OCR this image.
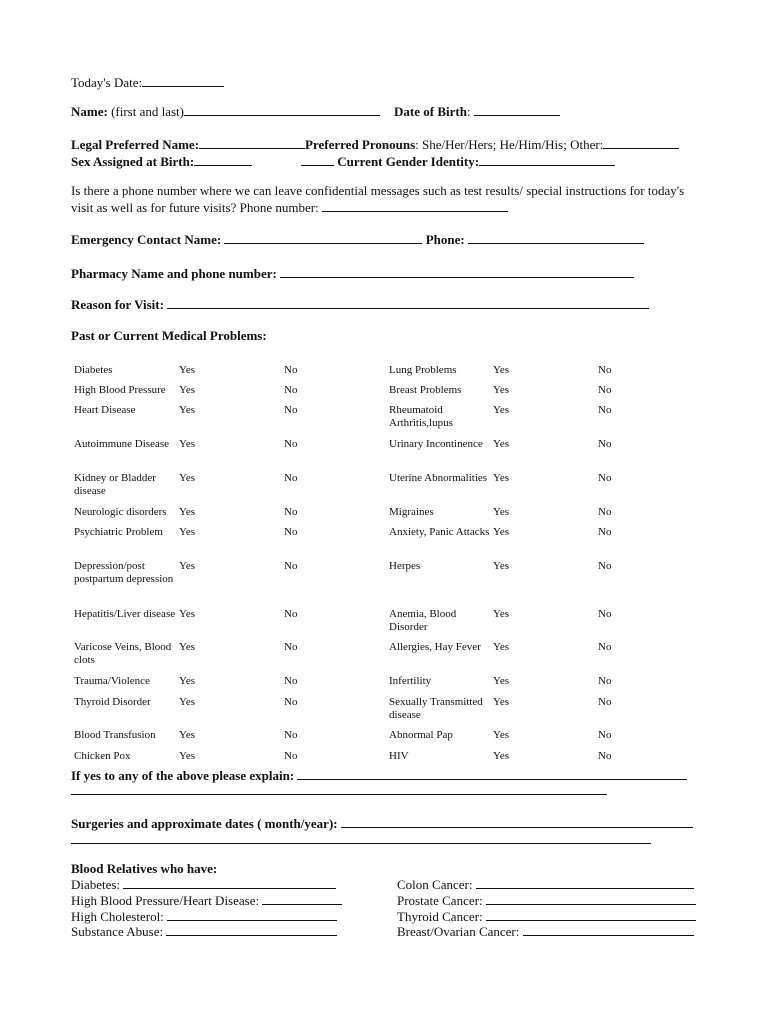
Today's Date:
Name: (first and last)	Date of Birth:
Legal Preferred Name:	Preferred Pronouns: She/Her/Hers; He/Him/His; Other:
Sex Assigned at Birth:	Current Gender Identity:
Is there a phone number where we can leave confidential messages such as test results/ special instructions for today's
visit as well as for future visits? Phone number:
Emergency Contact Name:	Phone:
Pharmacy Name and phone number:
Reason for Visit:
Past or Current Medical Problems:
Diabetes	Yes	No
High Blood Pressure	Yes	No
Heart Disease	Yes	No
Autoimmune Disease Yes	No
Kidney or Bladder disease
Yes	No
Neurologic disorders	Yes	No
Psychiatric Problem	Yes	No
Depression/post postpartum depression
Yes	No
Hepatitis/Liver disease Yes	No
Varicose Veins, Blood clots
Yes	No
Trauma/Violence	Yes	No
Thyroid Disorder	Yes	No
Blood Transfusion	Yes	No
Chicken Pox	Yes	No
Lung Problems	Yes	No
Breast Problems	Yes	No
Rheumatoid Arthritis,lupus
Yes	No
Urinary Incontinence Yes	No
Uterine Abnormalities Yes	No
Migraines	Yes	No
Anxiety, Panic Attacks Yes	No
Herpes	Yes	No
Anemia, Blood Disorder
Yes	No
Allergies, Hay Fever	Yes	No
Infertility	Yes	No
Sexually Transmitted disease
Yes	No
Abnormal Pap	Yes	No
HIV	Yes	No
If yes to any of the above please explain:
Surgeries and approximate dates ( month/year):
Blood Relatives who have:
Diabetes:
High Blood Pressure/Heart Disease:
High Cholesterol:
Substance Abuse:
Colon Cancer:
Prostate Cancer:
Thyroid Cancer:
Breast/Ovarian Cancer:
